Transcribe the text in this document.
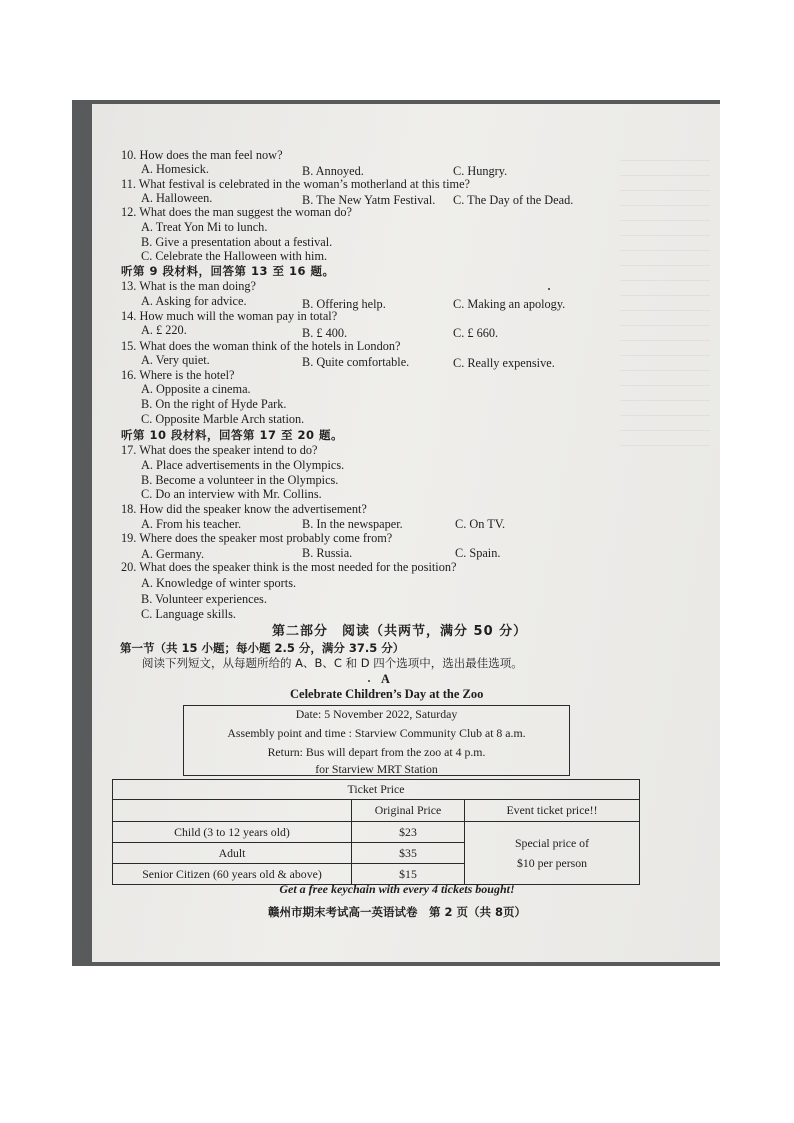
10. How does the man feel now?
A. Homesick.	B. Annoyed.	C. Hungry.
11. What festival is celebrated in the woman’s motherland at this time?
A. Halloween.	B. The New Yatm Festival. C. The Day of the Dead.
12. What does the man suggest the woman do?
A. Treat Yon Mi to lunch.
B. Give a presentation about a festival.
C. Celebrate the Halloween with him.
听第 9 段材料，回答第 13 至 16 题。
13. What is the man doing?
A. Asking for advice.	B. Offering help.	C. Making an apology.
14. How much will the woman pay in total?
A. £ 220.	B. £ 400.	C. £ 660.
15. What does the woman think of the hotels in London?
A. Very quiet.	B. Quite comfortable.	C. Really expensive.
16. Where is the hotel?
A. Opposite a cinema.
B. On the right of Hyde Park.
C. Opposite Marble Arch station.
听第 10 段材料，回答第 17 至 20 题。
17. What does the speaker intend to do?
A. Place advertisements in the Olympics.
B. Become a volunteer in the Olympics.
C. Do an interview with Mr. Collins.
18. How did the speaker know the advertisement?
A. From his teacher.	B. In the newspaper.	C. On TV.
19. Where does the speaker most probably come from?
A. Germany.	B. Russia.	C. Spain.
20. What does the speaker think is the most needed for the position?
A. Knowledge of winter sports.
B. Volunteer experiences.
C. Language skills.
第二部分　阅读（共两节，满分 50 分）
第一节（共 15 小题；每小题 2.5 分，满分 37.5 分）
阅读下列短文，从每题所给的 A、B、C 和 D 四个选项中，选出最佳选项。
A
Celebrate Children’s Day at the Zoo
Date: 5 November 2022, Saturday
Assembly point and time : Starview Community Club at 8 a.m.
Return: Bus will depart from the zoo at 4 p.m.
for Starview MRT Station
Ticket Price		
	Original Price	Event ticket price!!
Child (3 to 12 years old)	$23	Special price of
$10 per person

Adult	$35	
Senior Citizen (60 years old & above)	$15	
Get a free keychain with every 4 tickets bought!
赣州市期末考试高一英语试卷　第 2 页（共 8页）
